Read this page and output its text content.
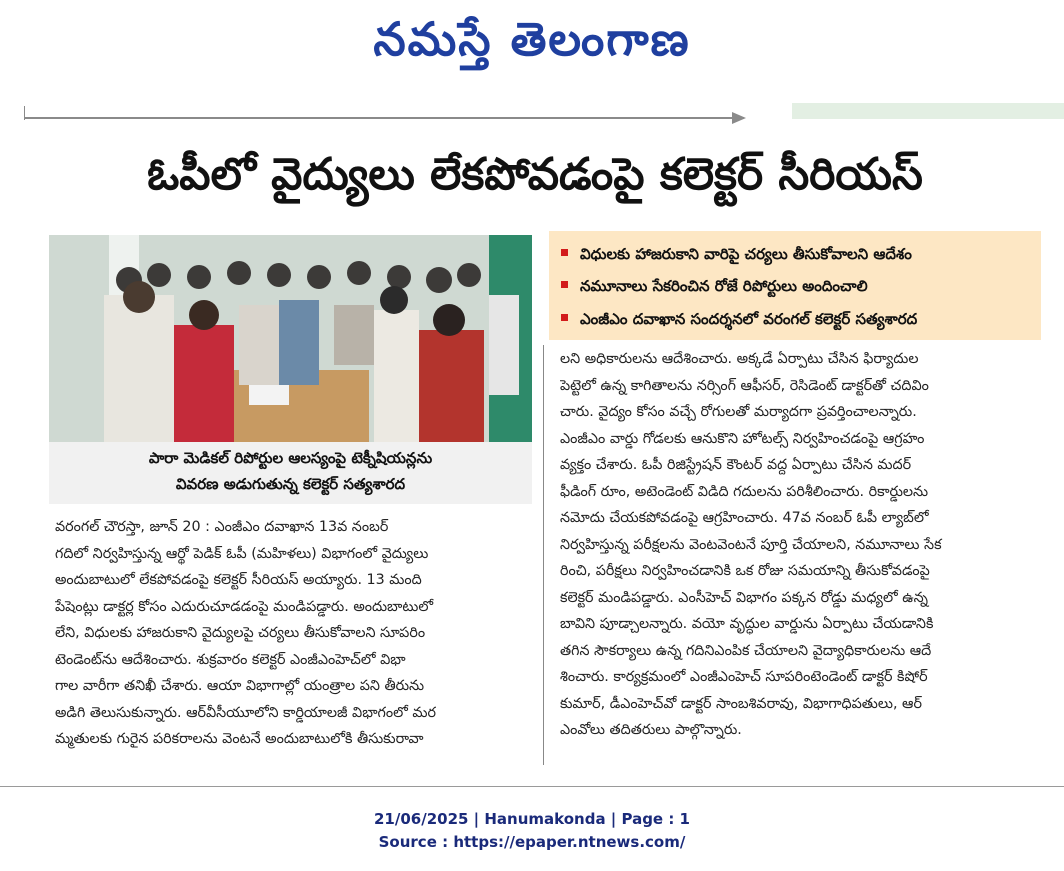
నమస్తే తెలంగాణ
ఓపీలో వైద్యులు లేకపోవడంపై కలెక్టర్ సీరియస్
పారా మెడికల్ రిపోర్టుల ఆలస్యంపై టెక్నీషియన్లను
వివరణ అడుగుతున్న కలెక్టర్ సత్యశారద
విధులకు హాజరుకాని వారిపై చర్యలు తీసుకోవాలని ఆదేశం
నమూనాలు సేకరించిన రోజే రిపోర్టులు అందించాలి
ఎంజీఎం దవాఖాన సందర్శనలో వరంగల్ కలెక్టర్ సత్యశారద
వరంగల్ చౌరస్తా, జూన్ 20 : ఎంజీఎం దవాఖాన 13వ నంబర్
గదిలో నిర్వహిస్తున్న ఆర్థో పెడిక్ ఓపీ (మహిళలు) విభాగంలో వైద్యులు
అందుబాటులో లేకపోవడంపై కలెక్టర్ సీరియస్ అయ్యారు. 13 మంది
పేషెంట్లు డాక్టర్ల కోసం ఎదురుచూడడంపై మండిపడ్డారు. అందుబాటులో
లేని, విధులకు హాజరుకాని వైద్యులపై చర్యలు తీసుకోవాలని సూపరిం
టెండెంట్‌ను ఆదేశించారు. శుక్రవారం కలెక్టర్ ఎంజీఎంహెచ్‌లో విభా
గాల వారీగా తనిఖీ చేశారు. ఆయా విభాగాల్లో యంత్రాల పని తీరును
అడిగి తెలుసుకున్నారు. ఆర్‌వీసీయూలోని కార్డియాలజీ విభాగంలో మర
మ్మతులకు గురైన పరికరాలను వెంటనే అందుబాటులోకి తీసుకురావా
లని అధికారులను ఆదేశించారు. అక్కడే ఏర్పాటు చేసిన ఫిర్యాదుల
పెట్టెలో ఉన్న కాగితాలను నర్సింగ్ ఆఫీసర్, రెసిడెంట్ డాక్టర్‌తో చదివిం
చారు. వైద్యం కోసం వచ్చే రోగులతో మర్యాదగా ప్రవర్తించాలన్నారు.
ఎంజీఎం వార్డు గోడలకు ఆనుకొని హోటల్స్ నిర్వహించడంపై ఆగ్రహం
వ్యక్తం చేశారు. ఓపీ రిజిస్ట్రేషన్ కౌంటర్ వద్ద ఏర్పాటు చేసిన మదర్
ఫీడింగ్ రూం, అటెండెంట్ విడిది గదులను పరిశీలించారు. రికార్డులను
నమోదు చేయకపోవడంపై ఆగ్రహించారు. 47వ నంబర్ ఓపీ ల్యాబ్‌లో
నిర్వహిస్తున్న పరీక్షలను వెంటవెంటనే పూర్తి చేయాలని, నమూనాలు సేక
రించి, పరీక్షలు నిర్వహించడానికి ఒక రోజు సమయాన్ని తీసుకోవడంపై
కలెక్టర్ మండిపడ్డారు. ఎంసీహెచ్ విభాగం పక్కన రోడ్డు మధ్యలో ఉన్న
బావిని పూడ్చాలన్నారు. వయో వృద్ధుల వార్డును ఏర్పాటు చేయడానికి
తగిన సౌకర్యాలు ఉన్న గదినిఎంపిక చేయాలని వైద్యాధికారులను ఆదే
శించారు. కార్యక్రమంలో ఎంజీఎంహెచ్ సూపరింటెండెంట్ డాక్టర్ కిషోర్
కుమార్, డీఎంహెచ్‌వో డాక్టర్ సాంబశివరావు, విభాగాధిపతులు, ఆర్
ఎంవోలు తదితరులు పాల్గొన్నారు.
21/06/2025 | Hanumakonda | Page : 1
Source : https://epaper.ntnews.com/
